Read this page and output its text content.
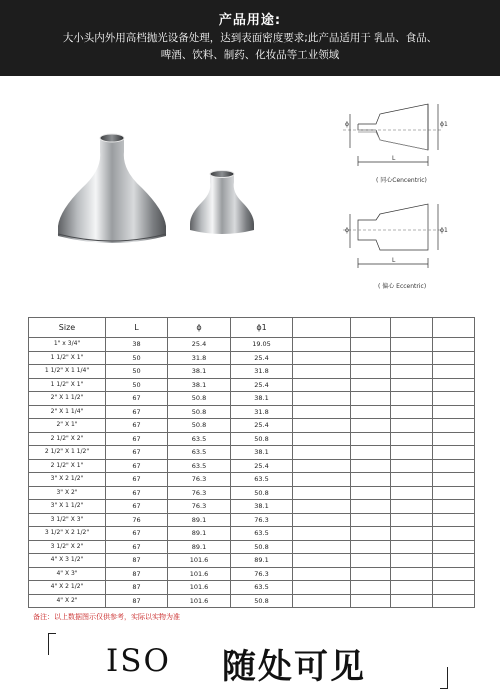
产品用途:
大小头内外用高档抛光设备处理，达到表面密度要求;此产品适用于 乳品、食品、
啤酒、饮料、制药、化妆品等工业领域
ϕ	ϕ1
L
( 同心Cencentric)
ϕ	ϕ1
L
( 偏心 Eccentric)
Size	L	ϕ	ϕ1				
1" x 3/4"	38	25.4	19.05				
1 1/2" X 1"	50	31.8	25.4				
1 1/2" X 1 1/4"	50	38.1	31.8				
1 1/2" X 1"	50	38.1	25.4				
2" X 1 1/2"	67	50.8	38.1				
2" X 1 1/4"	67	50.8	31.8				
2" X 1"	67	50.8	25.4				
2 1/2" X 2"	67	63.5	50.8				
2 1/2" X 1 1/2"	67	63.5	38.1				
2 1/2" X 1"	67	63.5	25.4				
3" X 2 1/2"	67	76.3	63.5				
3" X 2"	67	76.3	50.8				
3" X 1 1/2"	67	76.3	38.1				
3 1/2" X 3"	76	89.1	76.3				
3 1/2" X 2 1/2"	67	89.1	63.5				
3 1/2" X 2"	67	89.1	50.8				
4" X 3 1/2"	87	101.6	89.1				
4" X 3"	87	101.6	76.3				
4" X 2 1/2"	87	101.6	63.5				
4" X 2"	87	101.6	50.8				
备注：以上数据图示仅供参考，实际以实物为准
ISO 随处可见
